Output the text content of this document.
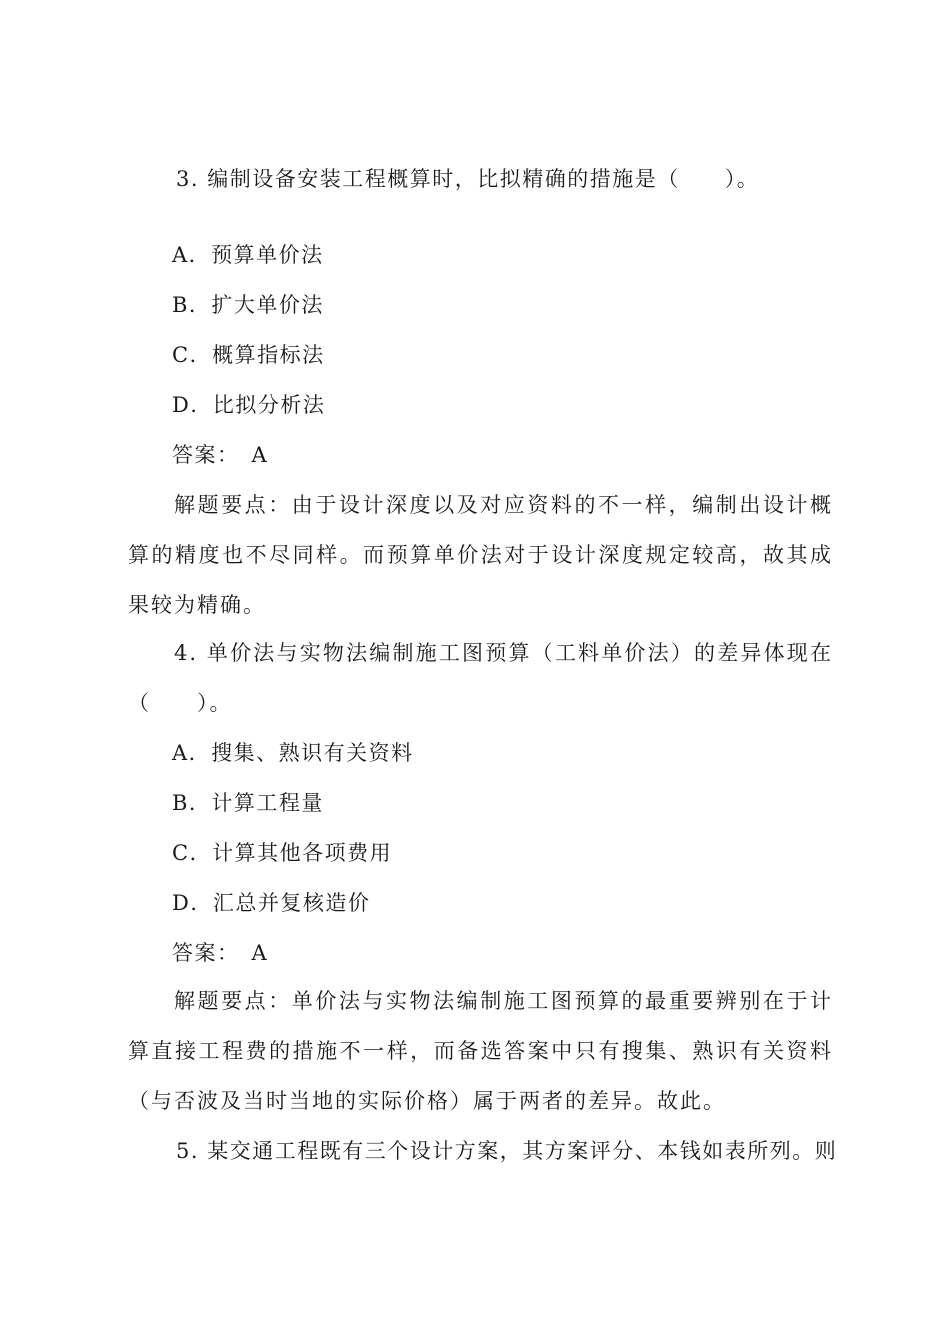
3. 编制设备安装工程概算时，比拟精确的措施是（　　）。
A．预算单价法
B．扩大单价法
C．概算指标法
D．比拟分析法
答案：　A
解题要点：由于设计深度以及对应资料的不一样，编制出设计概算的精度也不尽同样。而预算单价法对于设计深度规定较高，故其成果较为精确。
4. 单价法与实物法编制施工图预算（工料单价法）的差异体现在（　　）。
A．搜集、熟识有关资料
B．计算工程量
C．计算其他各项费用
D．汇总并复核造价
答案：　A
解题要点：单价法与实物法编制施工图预算的最重要辨别在于计算直接工程费的措施不一样，而备选答案中只有搜集、熟识有关资料（与否波及当时当地的实际价格）属于两者的差异。故此。
5. 某交通工程既有三个设计方案，其方案评分、本钱如表所列。则
